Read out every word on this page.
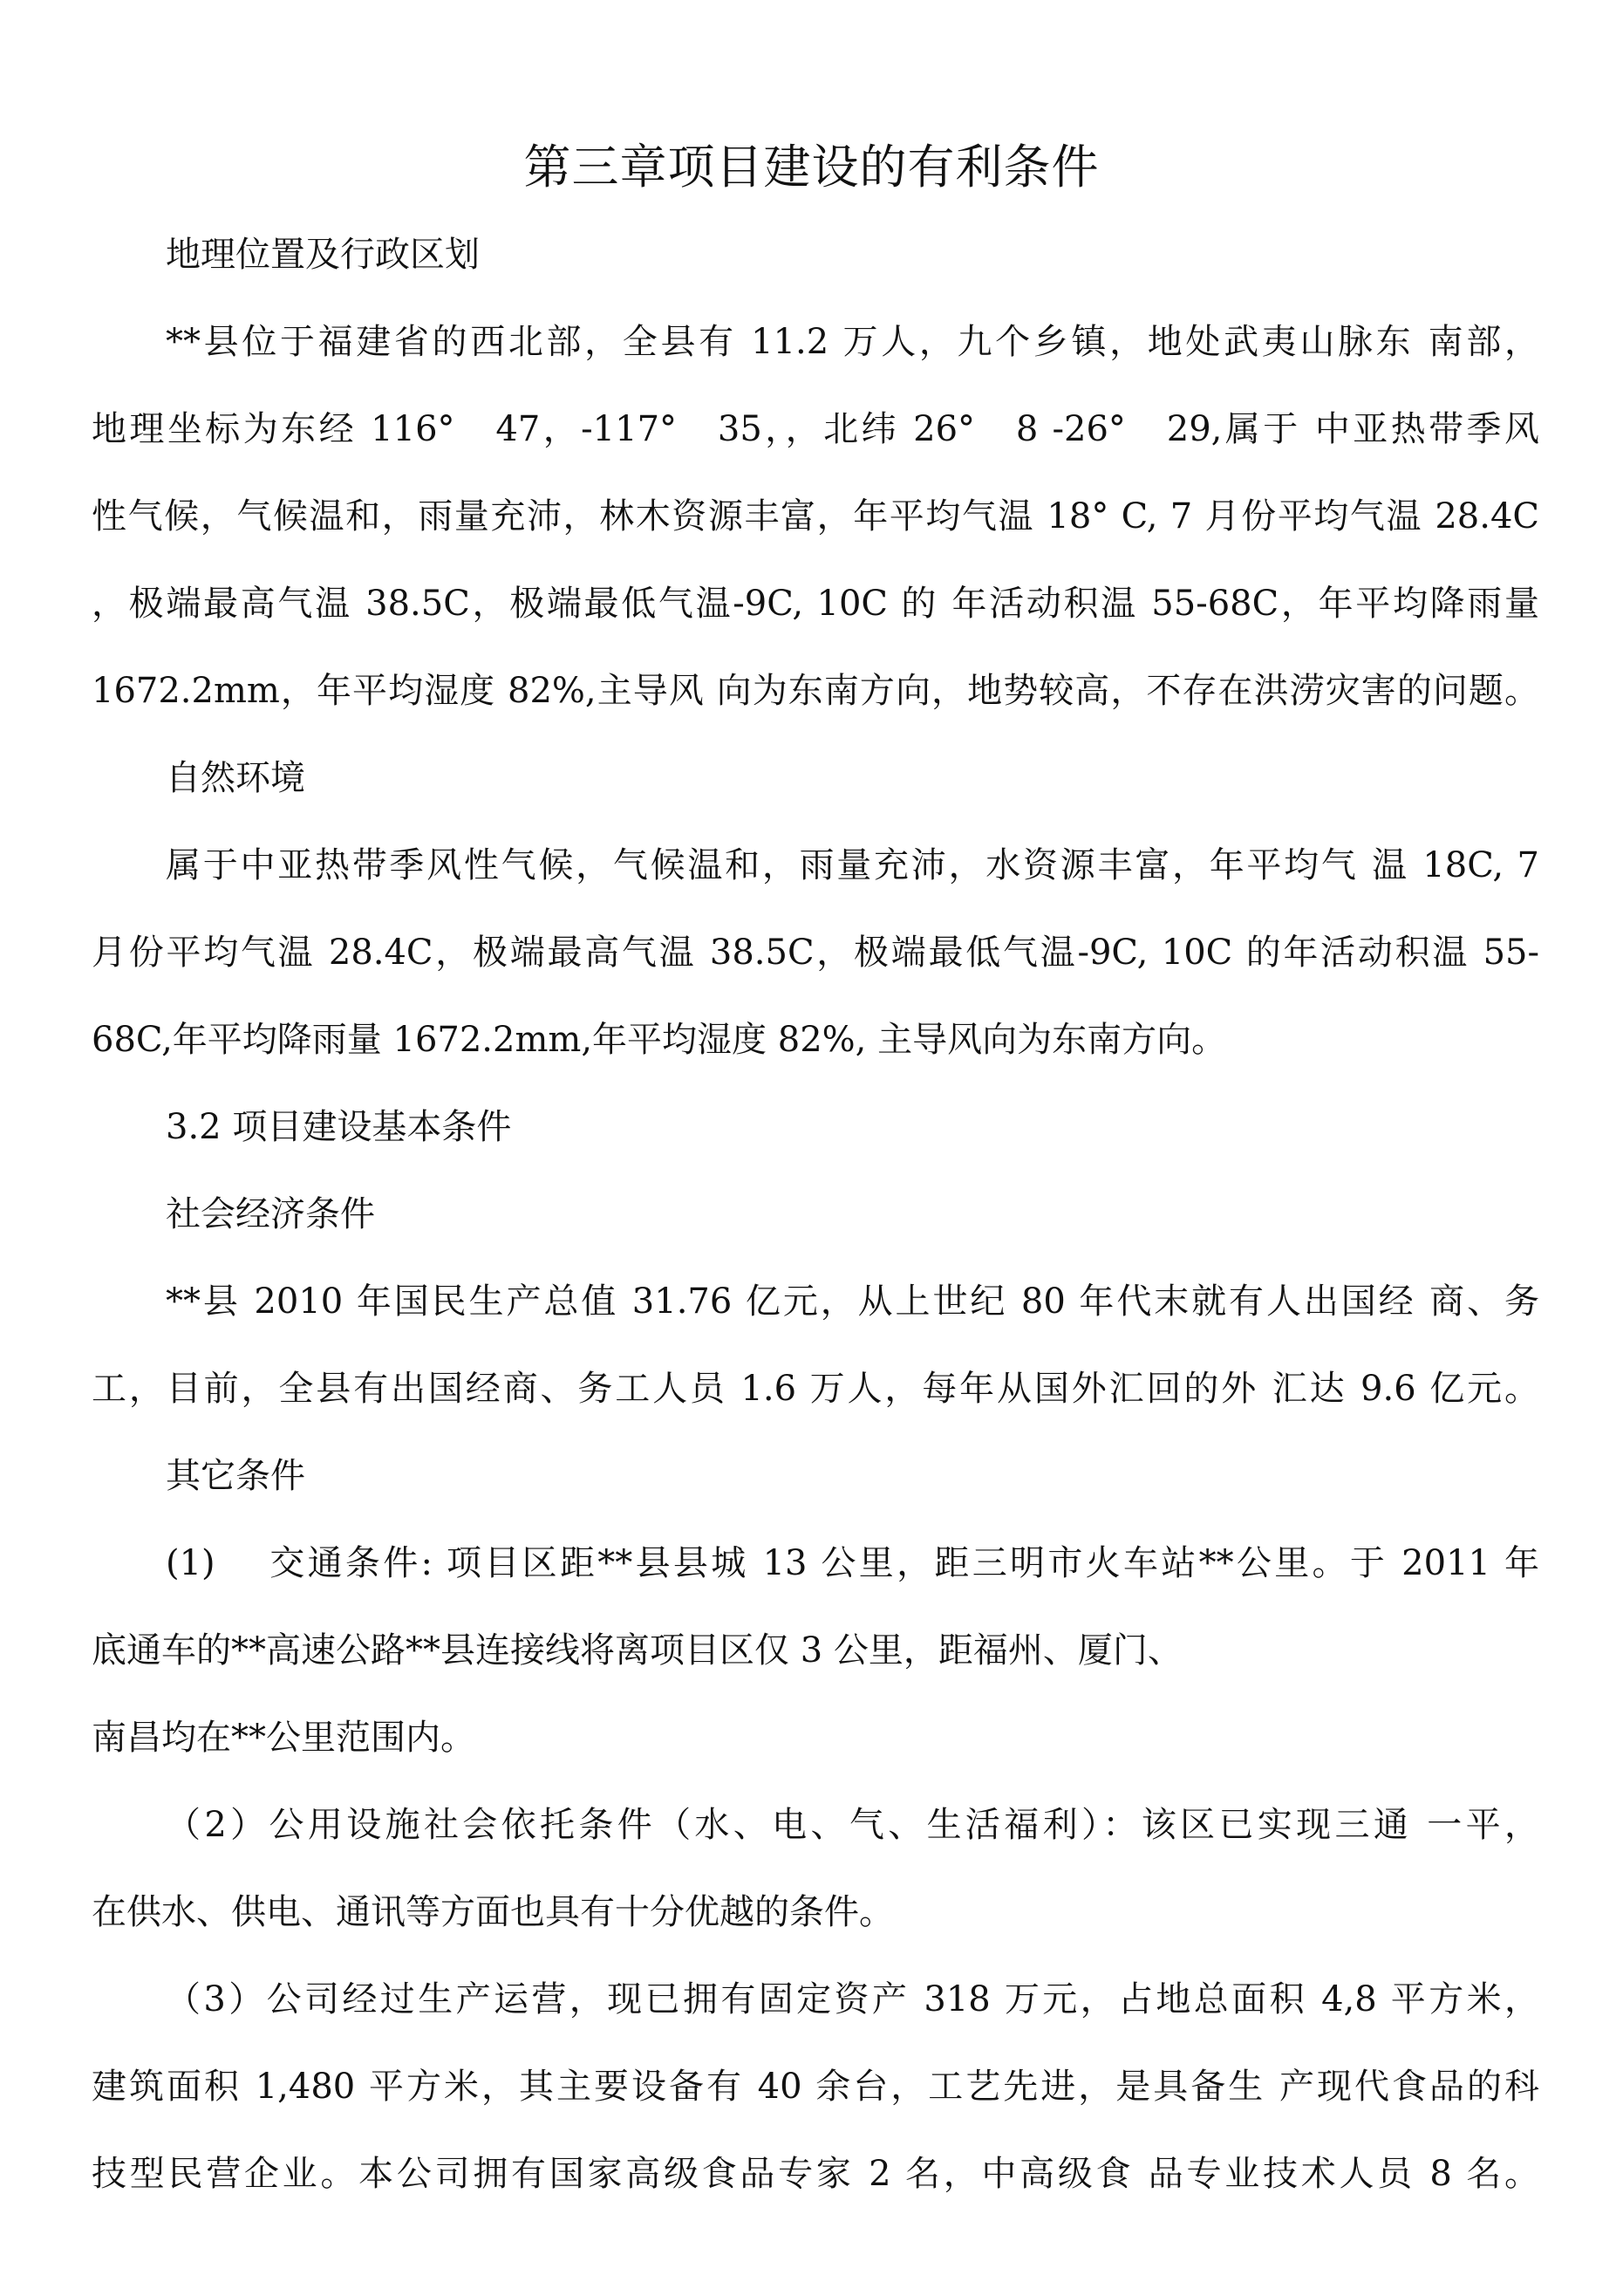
第三章项目建设的有利条件

地理位置及行政区划

**县位于福建省的西北部，全县有 11.2 万人，九个乡镇，地处武夷山脉东 南部，

地理坐标为东经 116°　47，-117°　35，，北纬 26°　8 -26°　29,属于 中亚热带季风

性气候，气候温和，雨量充沛，林木资源丰富，年平均气温 18° C, 7 月份平均气温 28.4C

，极端最高气温 38.5C，极端最低气温-9C, 10C 的 年活动积温 55-68C，年平均降雨量

1672.2mm，年平均湿度 82%,主导风 向为东南方向，地势较高，不存在洪涝灾害的问题。

自然环境

属于中亚热带季风性气候，气候温和，雨量充沛，水资源丰富，年平均气 温 18C, 7

月份平均气温 28.4C，极端最高气温 38.5C，极端最低气温-9C, 10C 的年活动积温 55-

68C,年平均降雨量 1672.2mm,年平均湿度 82%, 主导风向为东南方向。

3.2 项目建设基本条件

社会经济条件

**县 2010 年国民生产总值 31.76 亿元，从上世纪 80 年代末就有人出国经 商、务

工，目前，全县有出国经商、务工人员 1.6 万人，每年从国外汇回的外 汇达 9.6 亿元。

其它条件

(1)　 交通条件: 项目区距**县县城 13 公里，距三明市火车站**公里。于 2011 年

底通车的**高速公路**县连接线将离项目区仅 3 公里，距福州、厦门、

南昌均在**公里范围内。

（2）公用设施社会依托条件（水、电、气、生活福利）：该区已实现三通 一平，

在供水、供电、通讯等方面也具有十分优越的条件。

（3）公司经过生产运营，现已拥有固定资产 318 万元，占地总面积 4,8 平方米，

建筑面积 1,480 平方米，其主要设备有 40 余台，工艺先进，是具备生 产现代食品的科

技型民营企业。本公司拥有国家高级食品专家 2 名，中高级食 品专业技术人员 8 名。
